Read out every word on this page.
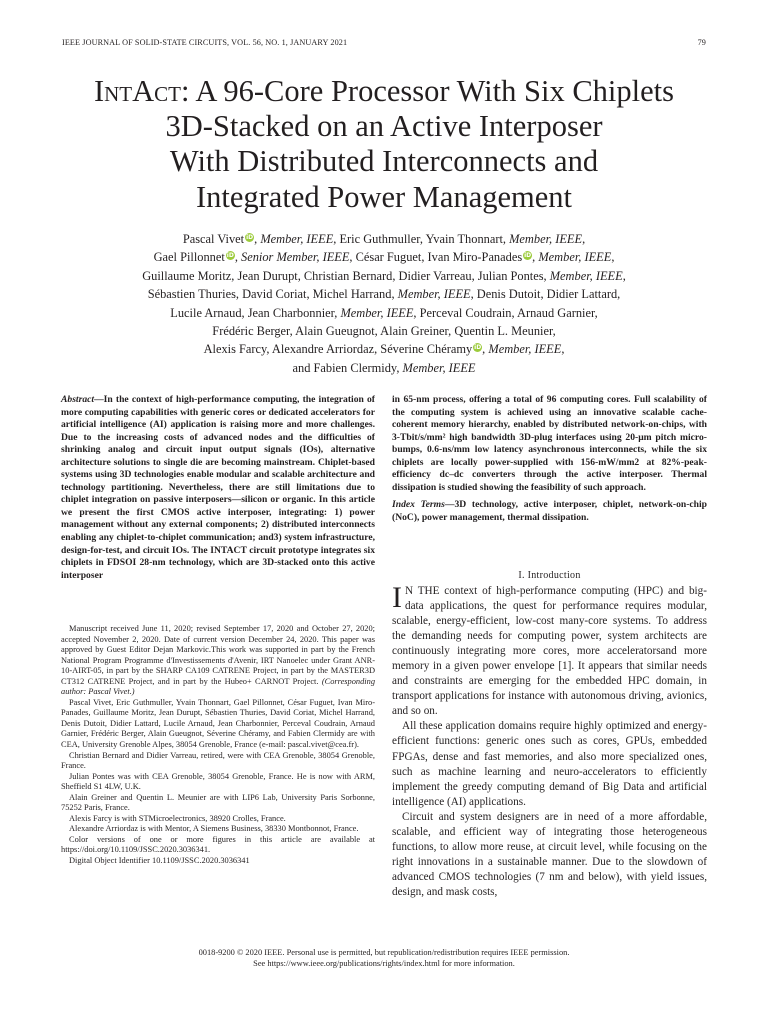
IEEE JOURNAL OF SOLID-STATE CIRCUITS, VOL. 56, NO. 1, JANUARY 2021	79
IntAct: A 96-Core Processor With Six Chiplets
3D-Stacked on an Active Interposer
With Distributed Interconnects and
Integrated Power Management
Pascal Vivet iD, Member, IEEE, Eric Guthmuller, Yvain Thonnart, Member, IEEE,
Gael Pillonnet iD, Senior Member, IEEE, César Fuguet, Ivan Miro-Panades iD, Member, IEEE,
Guillaume Moritz, Jean Durupt, Christian Bernard, Didier Varreau, Julian Pontes, Member, IEEE,
Sébastien Thuries, David Coriat, Michel Harrand, Member, IEEE, Denis Dutoit, Didier Lattard,
Lucile Arnaud, Jean Charbonnier, Member, IEEE, Perceval Coudrain, Arnaud Garnier,
Frédéric Berger, Alain Gueugnot, Alain Greiner, Quentin L. Meunier,
Alexis Farcy, Alexandre Arriordaz, Séverine Chéramy iD, Member, IEEE,
and Fabien Clermidy, Member, IEEE

Abstract—In the context of high-performance computing, the integration of more computing capabilities with generic cores or dedicated accelerators for artificial intelligence (AI) application is raising more and more challenges. Due to the increasing costs of advanced nodes and the difficulties of shrinking analog and circuit input output signals (IOs), alternative architecture solutions to single die are becoming mainstream. Chiplet-based systems using 3D technologies enable modular and scalable architecture and technology partitioning. Nevertheless, there are still limitations due to chiplet integration on passive interposers—silicon or organic. In this article we present the first CMOS active interposer, integrating: 1) power management without any external components; 2) distributed interconnects enabling any chiplet-to-chiplet communication; and3) system infrastructure, design-for-test, and circuit IOs. The INTACT circuit prototype integrates six chiplets in FDSOI 28-nm technology, which are 3D-stacked onto this active interposer

Manuscript received June 11, 2020; revised September 17, 2020 and October 27, 2020; accepted November 2, 2020. Date of current version December 24, 2020. This paper was approved by Guest Editor Dejan Markovic.This work was supported in part by the French National Program Programme d'Investissements d'Avenir, IRT Nanoelec under Grant ANR-10-AIRT-05, in part by the SHARP CA109 CATRENE Project, in part by the MASTER3D CT312 CATRENE Project, and in part by the Hubeo+ CARNOT Project. (Corresponding author: Pascal Vivet.)

Pascal Vivet, Eric Guthmuller, Yvain Thonnart, Gael Pillonnet, César Fuguet, Ivan Miro-Panades, Guillaume Moritz, Jean Durupt, Sébastien Thuries, David Coriat, Michel Harrand, Denis Dutoit, Didier Lattard, Lucile Arnaud, Jean Charbonnier, Perceval Coudrain, Arnaud Garnier, Frédéric Berger, Alain Gueugnot, Séverine Chéramy, and Fabien Clermidy are with CEA, University Grenoble Alpes, 38054 Grenoble, France (e-mail: pascal.vivet@cea.fr).

Christian Bernard and Didier Varreau, retired, were with CEA Grenoble, 38054 Grenoble, France.

Julian Pontes was with CEA Grenoble, 38054 Grenoble, France. He is now with ARM, Sheffield S1 4LW, U.K.

Alain Greiner and Quentin L. Meunier are with LIP6 Lab, University Paris Sorbonne, 75252 Paris, France.

Alexis Farcy is with STMicroelectronics, 38920 Crolles, France.

Alexandre Arriordaz is with Mentor, A Siemens Business, 38330 Montbonnot, France.

Color versions of one or more figures in this article are available at https://doi.org/10.1109/JSSC.2020.3036341.

Digital Object Identifier 10.1109/JSSC.2020.3036341

in 65-nm process, offering a total of 96 computing cores. Full scalability of the computing system is achieved using an innovative scalable cache-coherent memory hierarchy, enabled by distributed network-on-chips, with 3-Tbit/s/mm² high bandwidth 3D-plug interfaces using 20-μm pitch micro-bumps, 0.6-ns/mm low latency asynchronous interconnects, while the six chiplets are locally power-supplied with 156-mW/mm2 at 82%-peak-efficiency dc–dc converters through the active interposer. Thermal dissipation is studied showing the feasibility of such approach.

Index Terms—3D technology, active interposer, chiplet, network-on-chip (NoC), power management, thermal dissipation.

I. Introduction

I N THE context of high-performance computing (HPC) and big-data applications, the quest for performance requires modular, scalable, energy-efficient, low-cost many-core systems. To address the demanding needs for computing power, system architects are continuously integrating more cores, more acceleratorsand more memory in a given power envelope [1]. It appears that similar needs and constraints are emerging for the embedded HPC domain, in transport applications for instance with autonomous driving, avionics, and so on.

All these application domains require highly optimized and energy-efficient functions: generic ones such as cores, GPUs, embedded FPGAs, dense and fast memories, and also more specialized ones, such as machine learning and neuro-accelerators to efficiently implement the greedy computing demand of Big Data and artificial intelligence (AI) applications.

Circuit and system designers are in need of a more affordable, scalable, and efficient way of integrating those heterogeneous functions, to allow more reuse, at circuit level, while focusing on the right innovations in a sustainable manner. Due to the slowdown of advanced CMOS technologies (7 nm and below), with yield issues, design, and mask costs,

0018-9200 © 2020 IEEE. Personal use is permitted, but republication/redistribution requires IEEE permission.
See https://www.ieee.org/publications/rights/index.html for more information.
